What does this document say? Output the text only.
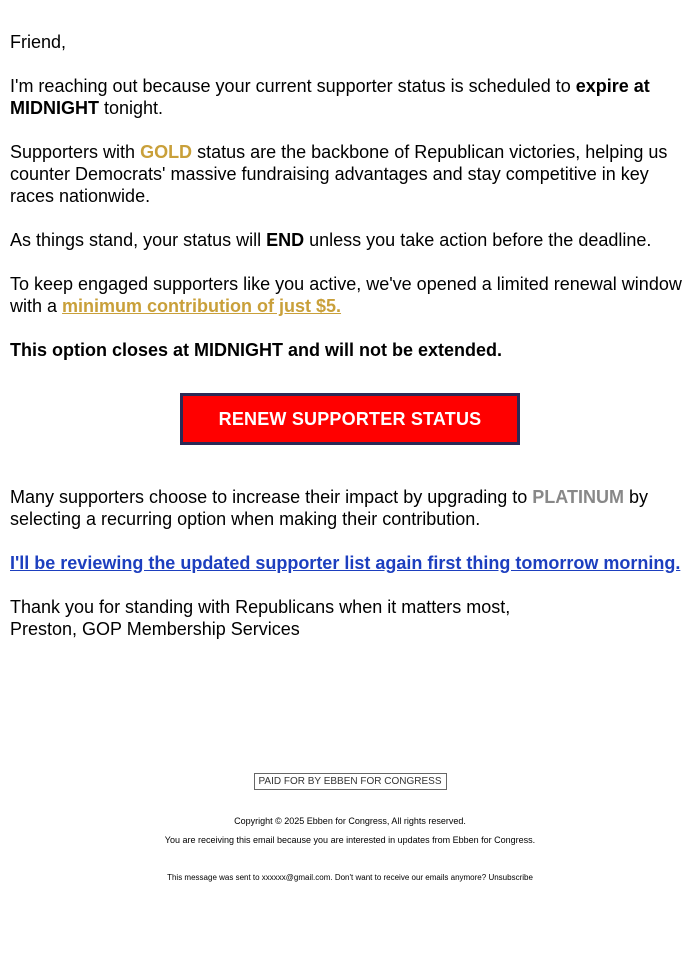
Friend,

I'm reaching out because your current supporter status is scheduled to expire at MIDNIGHT tonight.

Supporters with GOLD status are the backbone of Republican victories, helping us counter Democrats' massive fundraising advantages and stay competitive in key races nationwide.

As things stand, your status will END unless you take action before the deadline.

To keep engaged supporters like you active, we've opened a limited renewal window with a minimum contribution of just $5.

This option closes at MIDNIGHT and will not be extended.

RENEW SUPPORTER STATUS

Many supporters choose to increase their impact by upgrading to PLATINUM by selecting a recurring option when making their contribution.

I'll be reviewing the updated supporter list again first thing tomorrow morning.

Thank you for standing with Republicans when it matters most,
Preston, GOP Membership Services

PAID FOR BY EBBEN FOR CONGRESS
Copyright © 2025 Ebben for Congress, All rights reserved.
You are receiving this email because you are interested in updates from Ebben for Congress.
This message was sent to xxxxxx@gmail.com. Don't want to receive our emails anymore? Unsubscribe
